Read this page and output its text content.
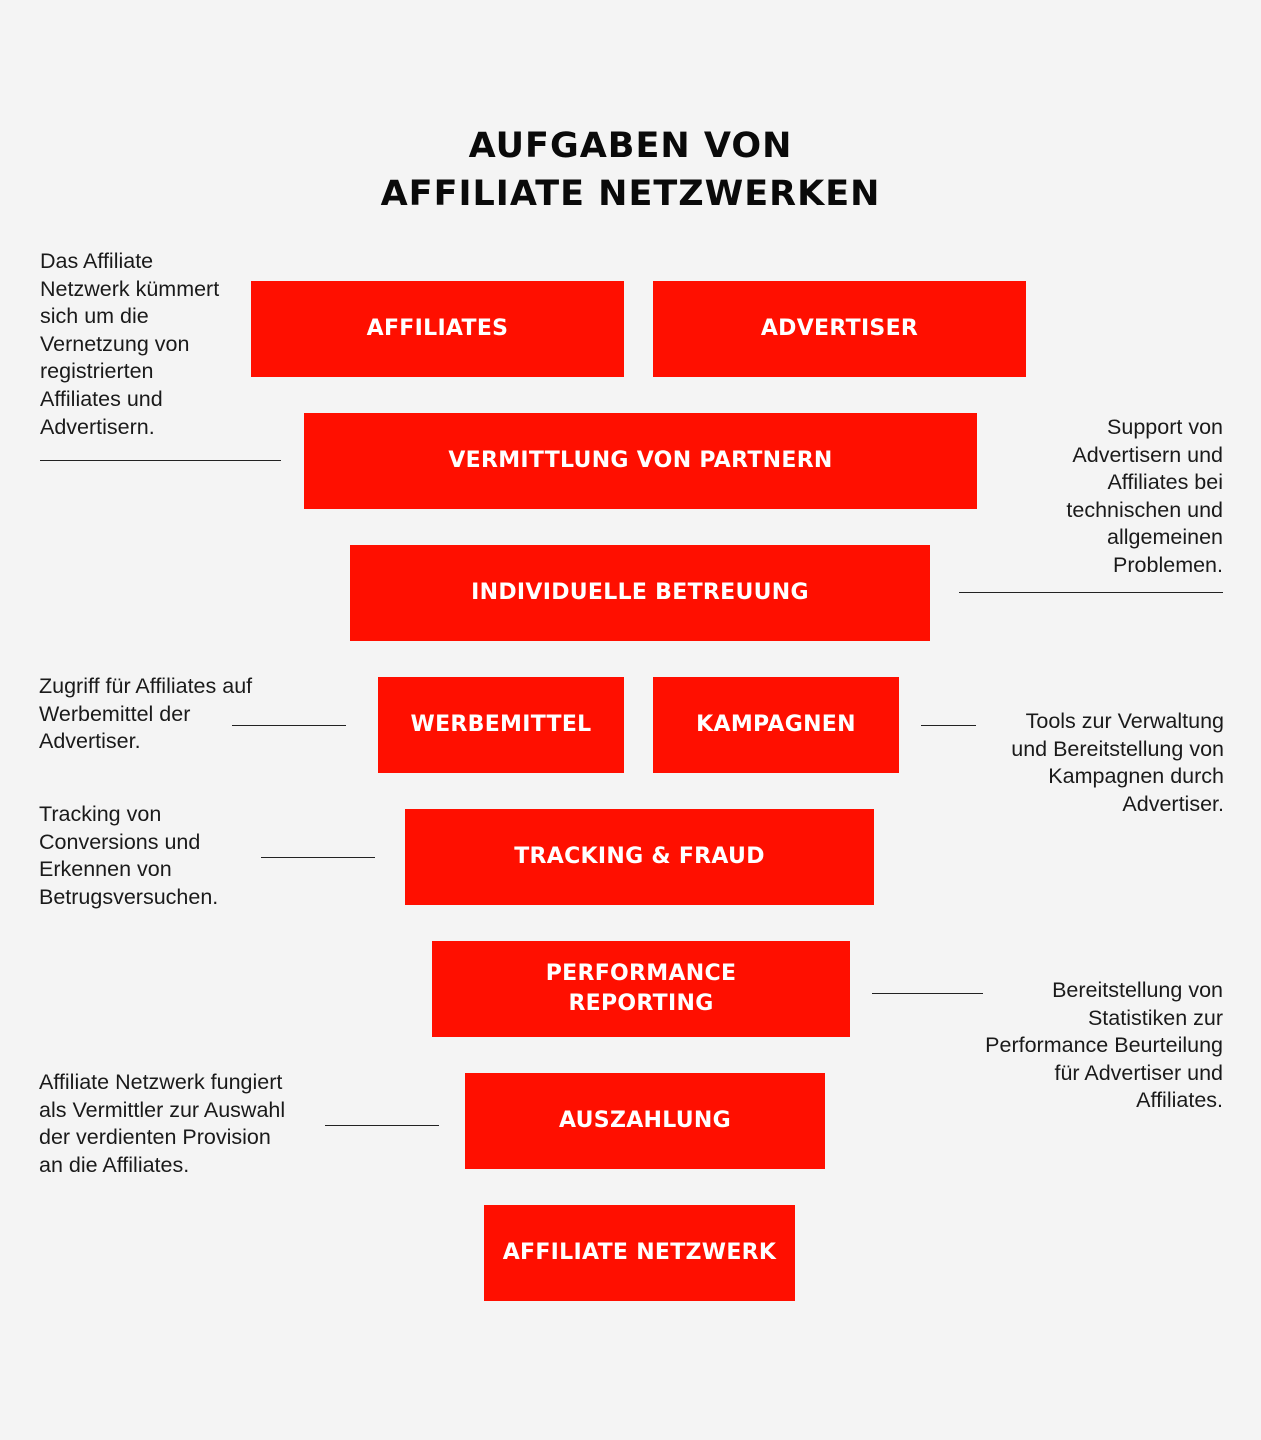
AUFGABEN VON
AFFILIATE NETZWERKEN
AFFILIATES	ADVERTISER
VERMITTLUNG VON PARTNERN
INDIVIDUELLE BETREUUNG
WERBEMITTEL	KAMPAGNEN
TRACKING & FRAUD
PERFORMANCE
REPORTING
AUSZAHLUNG
AFFILIATE NETZWERK
Das Affiliate
Netzwerk kümmert
sich um die
Vernetzung von
registrierten
Affiliates und
Advertisern.
Zugriff für Affiliates auf
Werbemittel der
Advertiser.
Tracking von
Conversions und
Erkennen von
Betrugsversuchen.
Affiliate Netzwerk fungiert
als Vermittler zur Auswahl
der verdienten Provision
an die Affiliates.
Support von
Advertisern und
Affiliates bei
technischen und
allgemeinen
Problemen.
Tools zur Verwaltung
und Bereitstellung von
Kampagnen durch
Advertiser.
Bereitstellung von
Statistiken zur
Performance Beurteilung
für Advertiser und
Affiliates.
